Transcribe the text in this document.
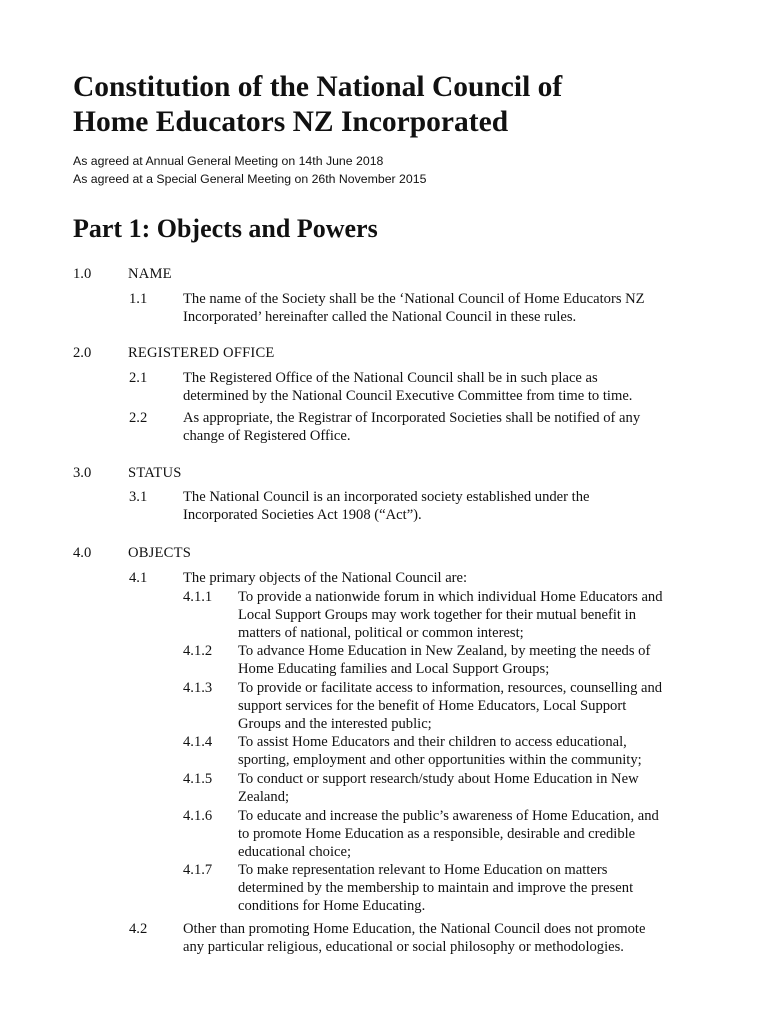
Constitution of the National Council of
Home Educators NZ Incorporated
As agreed at Annual General Meeting on 14th June 2018
As agreed at a Special General Meeting on 26th November 2015
Part 1: Objects and Powers
1.0	NAME
1.1 The name of the Society shall be the ‘National Council of Home Educators NZ
Incorporated’ hereinafter called the National Council in these rules.
2.0	REGISTERED OFFICE
2.1 The Registered Office of the National Council shall be in such place as
determined by the National Council Executive Committee from time to time.
2.2 As appropriate, the Registrar of Incorporated Societies shall be notified of any
change of Registered Office.
3.0	STATUS
3.1 The National Council is an incorporated society established under the
Incorporated Societies Act 1908 (“Act”).
4.0	OBJECTS
4.1 The primary objects of the National Council are:
4.1.1 To provide a nationwide forum in which individual Home Educators and
Local Support Groups may work together for their mutual benefit in
matters of national, political or common interest;
4.1.2 To advance Home Education in New Zealand, by meeting the needs of
Home Educating families and Local Support Groups;
4.1.3 To provide or facilitate access to information, resources, counselling and
support services for the benefit of Home Educators, Local Support
Groups and the interested public;
4.1.4 To assist Home Educators and their children to access educational,
sporting, employment and other opportunities within the community;
4.1.5 To conduct or support research/study about Home Education in New
Zealand;
4.1.6 To educate and increase the public’s awareness of Home Education, and
to promote Home Education as a responsible, desirable and credible
educational choice;
4.1.7 To make representation relevant to Home Education on matters
determined by the membership to maintain and improve the present
conditions for Home Educating.
4.2 Other than promoting Home Education, the National Council does not promote
any particular religious, educational or social philosophy or methodologies.
